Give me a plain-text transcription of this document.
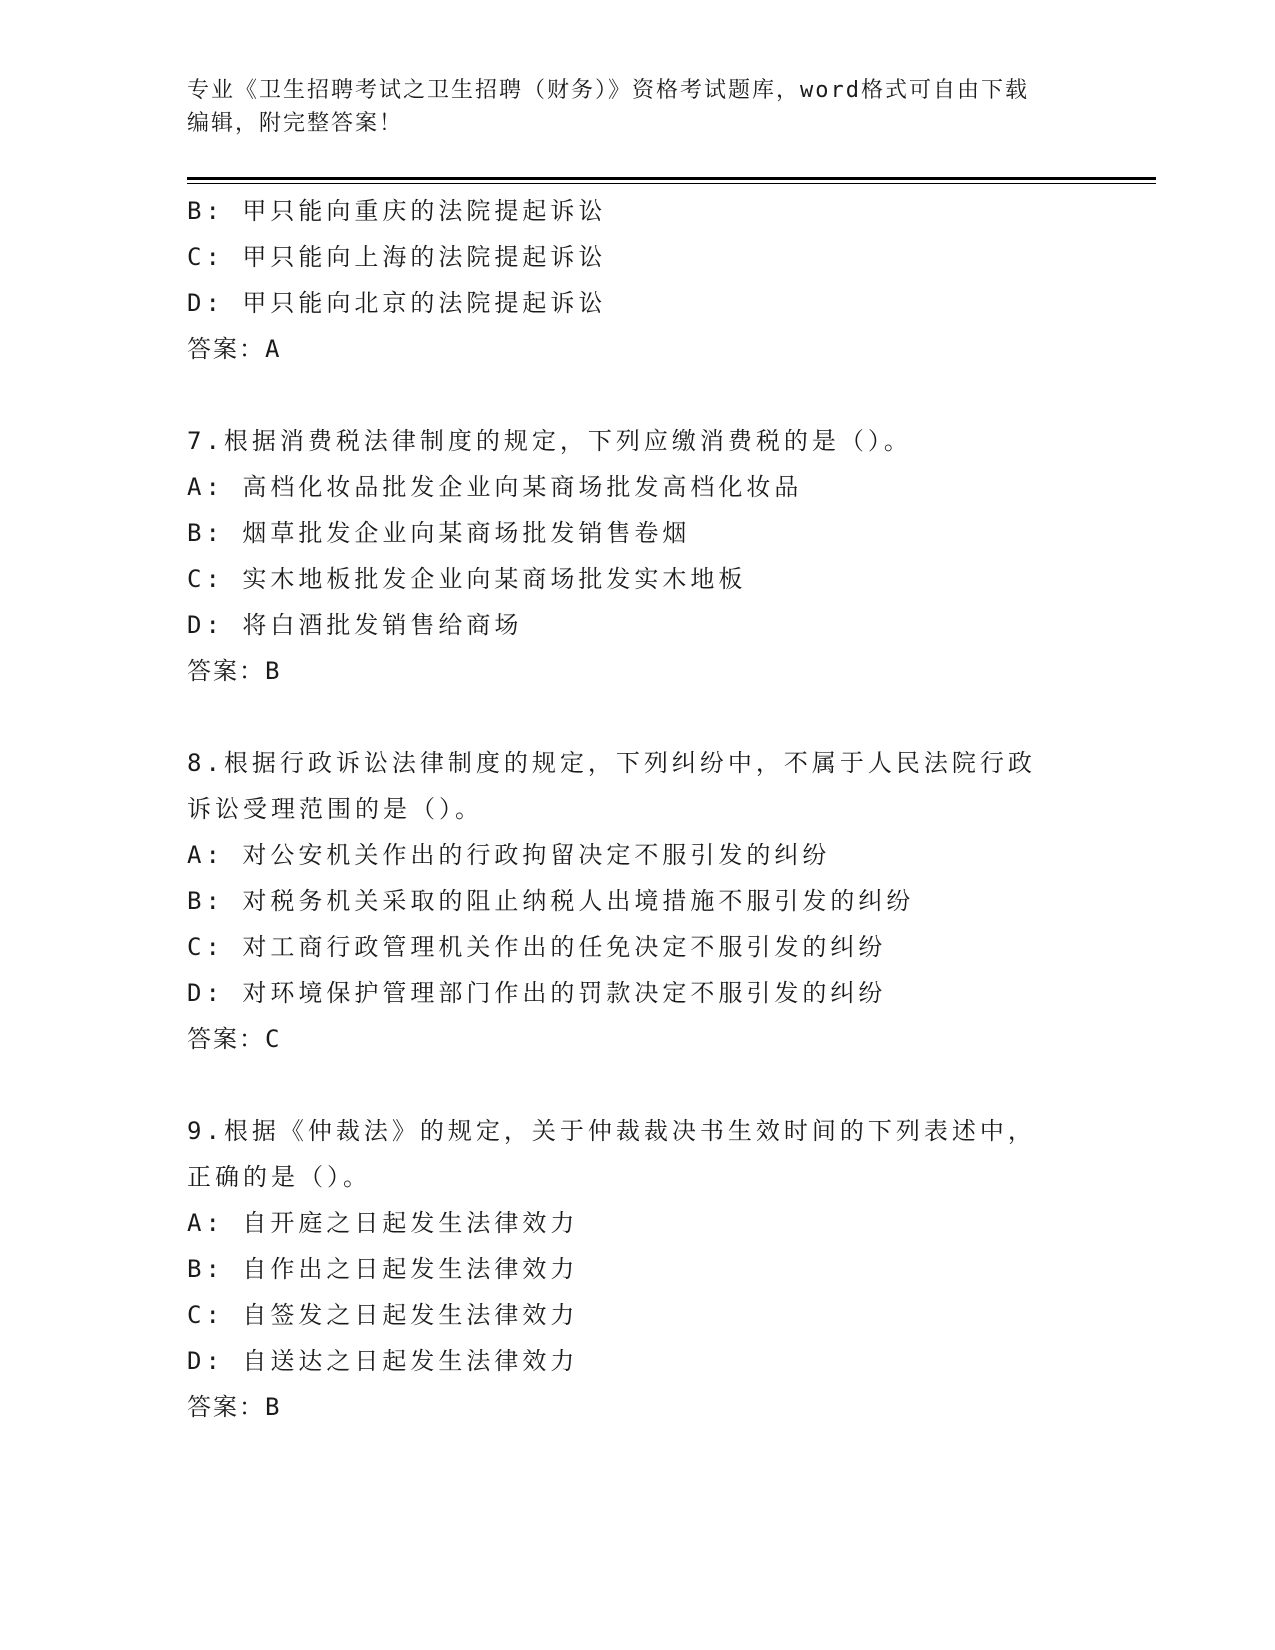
专业《卫生招聘考试之卫生招聘（财务）》资格考试题库，word格式可自由下载
编辑，附完整答案！
B: 甲只能向重庆的法院提起诉讼
C: 甲只能向上海的法院提起诉讼
D: 甲只能向北京的法院提起诉讼
答案：A
7.根据消费税法律制度的规定，下列应缴消费税的是（）。
A: 高档化妆品批发企业向某商场批发高档化妆品
B: 烟草批发企业向某商场批发销售卷烟
C: 实木地板批发企业向某商场批发实木地板
D: 将白酒批发销售给商场
答案：B
8.根据行政诉讼法律制度的规定，下列纠纷中，不属于人民法院行政
诉讼受理范围的是（）。
A: 对公安机关作出的行政拘留决定不服引发的纠纷
B: 对税务机关采取的阻止纳税人出境措施不服引发的纠纷
C: 对工商行政管理机关作出的任免决定不服引发的纠纷
D: 对环境保护管理部门作出的罚款决定不服引发的纠纷
答案：C
9.根据《仲裁法》的规定，关于仲裁裁决书生效时间的下列表述中，
正确的是（）。
A: 自开庭之日起发生法律效力
B: 自作出之日起发生法律效力
C: 自签发之日起发生法律效力
D: 自送达之日起发生法律效力
答案：B
